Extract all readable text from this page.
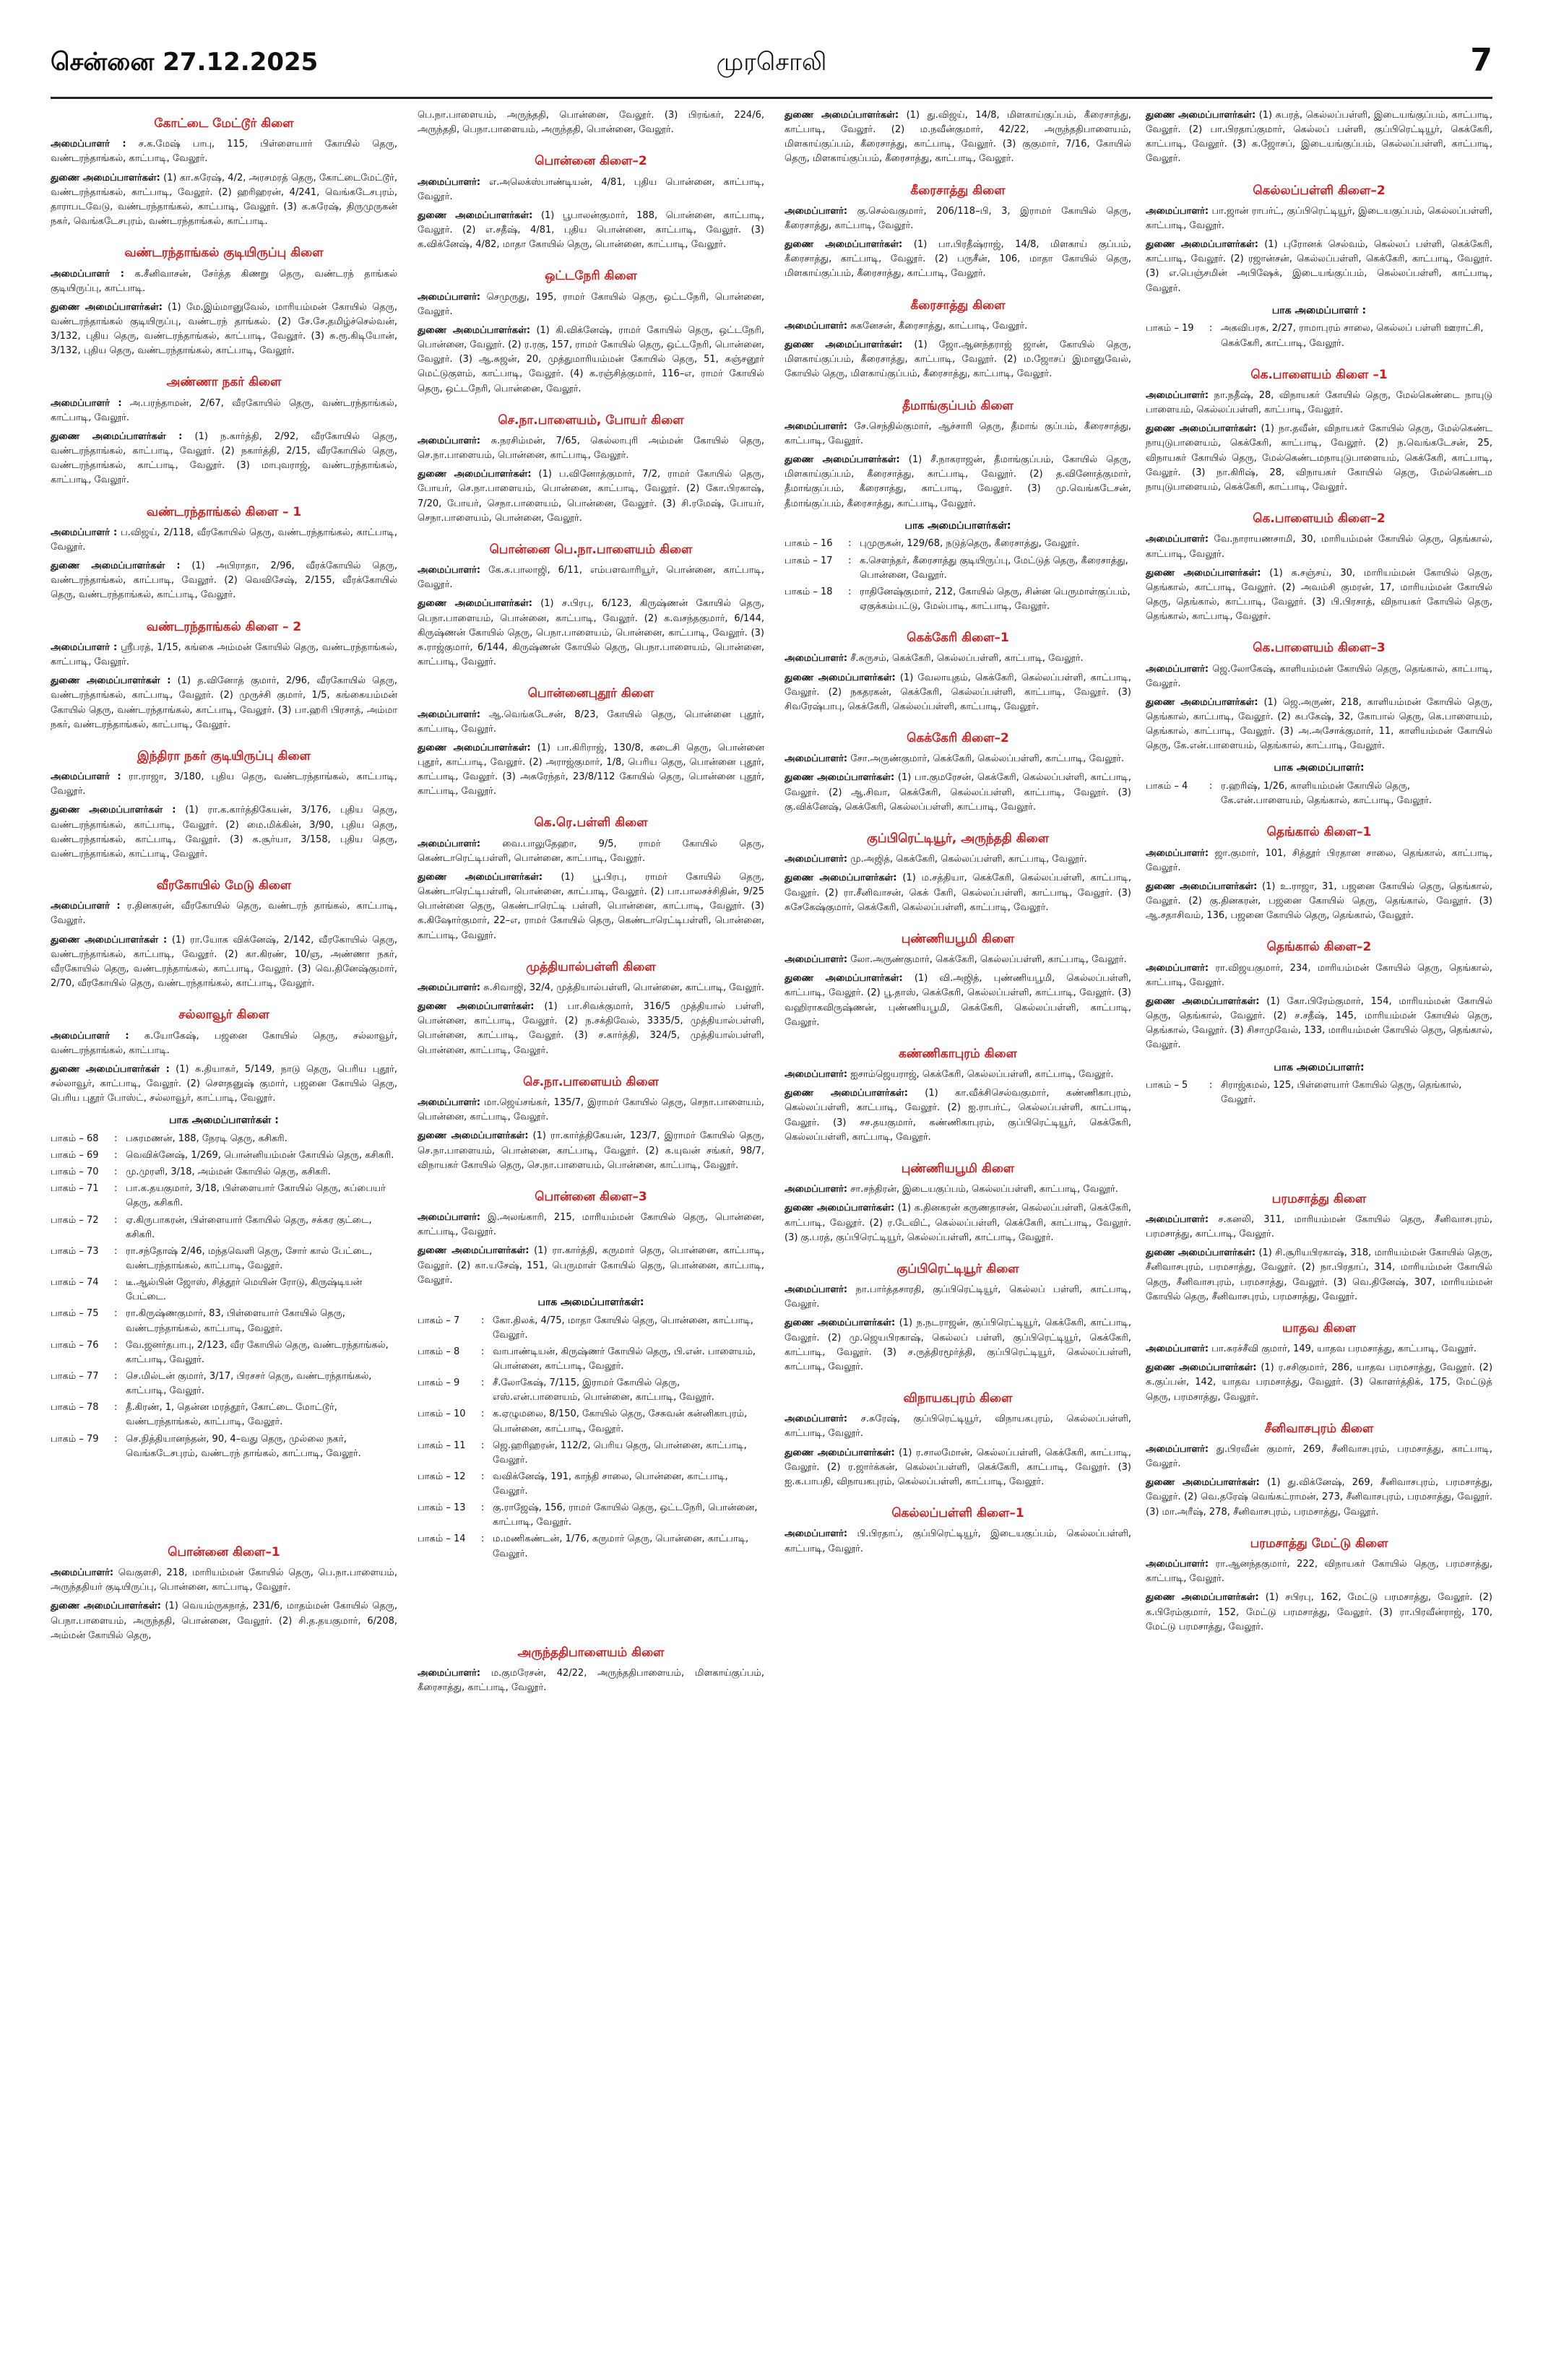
சென்னை 27.12.2025	முரசொலி	7
கோட்டை மேட்டூர் கிளை

அமைப்பாளர் : ச.க.மேஷ் பாபு, 115, பிள்ளையார் கோயில் தெரு, வண்டரந்தாங்கல், காட்பாடி, வேலூர்.

துணை அமைப்பாளர்கள்: (1) கா.சுரேஷ், 4/2, அரசமரத் தெரு, கோட்டைமேட்டூர், வண்டரந்தாங்கல், காட்பாடி, வேலூர். (2) ஹரிஹரன், 4/241, வெங்கடேசபுரம், தாராபடவேடு, வண்டரந்தாங்கல், காட்பாடி, வேலூர். (3) க.சுரேஷ், திருமுருகன் நகர், வெங்கடேசபுரம், வண்டரந்தாங்கல், காட்பாடி.

வண்டரந்தாங்கல் குடியிருப்பு கிளை

அமைப்பாளர் : க.சீனிவாசன், சேர்த்த கிணறு தெரு, வண்டரந் தாங்கல் குடியிருப்பு, காட்பாடி.

துணை அமைப்பாளர்கள்: (1) மே.இம்மானுவேல், மாரியம்மன் கோயில் தெரு, வண்டரந்தாங்கல் குடியிருப்பு, வண்டரந் தாங்கல். (2) சே.சே.தமிழ்ச்செல்வன், 3/132, புதிய தெரு, வண்டரந்தாங்கல், காட்பாடி, வேலூர். (3) சு.ரூ.கிடியோன், 3/132, புதிய தெரு, வண்டரந்தாங்கல், காட்பாடி, வேலூர்.

அண்ணா நகர் கிளை

அமைப்பாளர் : அ.பரந்தாமன், 2/67, வீரகோயில் தெரு, வண்டரந்தாங்கல், காட்பாடி, வேலூர்.

துணை அமைப்பாளர்கள் : (1) ந.கார்த்தி, 2/92, வீரகோயில் தெரு, வண்டரந்தாங்கல், காட்பாடி, வேலூர். (2) நகார்த்தி, 2/15, வீரகோயில் தெரு, வண்டரந்தாங்கல், காட்பாடி, வேலூர். (3) மாபுவராஜ், வண்டரந்தாங்கல், காட்பாடி, வேலூர்.

வண்டரந்தாங்கல் கிளை – 1

அமைப்பாளர் : ப.விஜய், 2/118, வீரகோயில் தெரு, வண்டரந்தாங்கல், காட்பாடி, வேலூர்.

துணை அமைப்பாளர்கள் : (1) அபிராதா, 2/96, வீரக்கோயில் தெரு, வண்டரந்தாங்கல், காட்பாடி, வேலூர். (2) வெவிசேஷ், 2/155, வீரக்கோயில் தெரு, வண்டரந்தாங்கல், காட்பாடி, வேலூர்.

வண்டரந்தாங்கல் கிளை – 2

அமைப்பாளர் : ஸ்ரீபரத், 1/15, கங்கை அம்மன் கோயில் தெரு, வண்டரந்தாங்கல், காட்பாடி, வேலூர்.

துணை அமைப்பாளர்கள் : (1) த.வினோத் குமார், 2/96, வீரகோயில் தெரு, வண்டரந்தாங்கல், காட்பாடி, வேலூர். (2) முருச்சி குமார், 1/5, கங்கையம்மன் கோயில் தெரு, வண்டரந்தாங்கல், காட்பாடி, வேலூர். (3) பா.ஹரி பிரசாத், அம்மா நகர், வண்டரந்தாங்கல், காட்பாடி, வேலூர்.

இந்திரா நகர் குடியிருப்பு கிளை

அமைப்பாளர் : ரா.ராஜா, 3/180, புதிய தெரு, வண்டரந்தாங்கல், காட்பாடி, வேலூர்.

துணை அமைப்பாளர்கள் : (1) ரா.க.கார்த்திகேயன், 3/176, புதிய தெரு, வண்டரந்தாங்கல், காட்பாடி, வேலூர். (2) மை.மிக்கின், 3/90, புதிய தெரு, வண்டரந்தாங்கல், காட்பாடி, வேலூர். (3) க.சூர்யா, 3/158, புதிய தெரு, வண்டரந்தாங்கல், காட்பாடி, வேலூர்.

வீரகோயில் மேடு கிளை

அமைப்பாளர் : ர.தினகரன், வீரகோயில் தெரு, வண்டரந் தாங்கல், காட்பாடி, வேலூர்.

துணை அமைப்பாளர்கள் : (1) ரா.யோக விக்னேஷ், 2/142, வீரகோயில் தெரு, வண்டரந்தாங்கல், காட்பாடி, வேலூர். (2) கா.கிரண், 10/ஞ, அண்ணா நகர், வீரகோயில் தெரு, வண்டரந்தாங்கல், காட்பாடி, வேலூர். (3) வெ.தினேஷ்குமார், 2/70, வீரகோயில் தெரு, வண்டரந்தாங்கல், காட்பாடி, வேலூர்.

சல்லாவூர் கிளை

அமைப்பாளர் : க.யோகேஷ், பஜனை கோயில் தெரு, சல்லாவூர், வண்டரந்தாங்கல், காட்பாடி.

துணை அமைப்பாளர்கள் : (1) சு.தியாகர், 5/149, நாடு தெரு, பெரிய புதூர், சல்லாவூர், காட்பாடி, வேலூர். (2) சௌதனுஷ் குமார், பஜனை கோயில் தெரு, பெரிய புதூர் போஸ்ட், சல்லாவூர், காட்பாடி, வேலூர்.

பாக அமைப்பாளர்கள் :
பாகம் – 68	: பசுரமணன், 188, நேரடி தெரு, கசிகரி.
பாகம் – 69	: வெவிக்னேஷ், 1/269, பொன்னியம்மன் கோயில் தெரு, கசிகரி.
பாகம் – 70	: மு.முரளி, 3/18, அம்மன் கோயில் தெரு, கசிகரி.
பாகம் – 71	: பா.க.தயகுமார், 3/18, பிள்ளையார் கோயில் தெரு, சுப்பையர் தெரு, கசிகரி.
பாகம் – 72	: ஏ.கிருபாகரன், பிள்ளையார் கோயில் தெரு, சக்கர குட்டை, கசிகரி.
பாகம் – 73	: ரா.சந்தோஷ் 2/46, மந்தவெளி தெரு, சோர் கால் பேட்டை, வண்டரந்தாங்கல், காட்பாடி, வேலூர்.
பாகம் – 74	: டீ.ஆல்பின் ஜோஸ், சித்தூர் மெயின் ரோடு, கிருஷ்டியன் பேட்டை.
பாகம் – 75	: ரா.கிருஷ்ணகுமார், 83, பிள்ளையார் கோயில் தெரு, வண்டரந்தாங்கல், காட்பாடி, வேலூர்.
பாகம் – 76	: வே.ஜனர்தபாபு, 2/123, வீர கோயில் தெரு, வண்டரந்தாங்கல், காட்பாடி, வேலூர்.
பாகம் – 77	: செ.மில்டன் குமார், 3/17, பிரசசர் தெரு, வண்டரந்தாங்கல், காட்பாடி, வேலூர்.
பாகம் – 78	: தீ.கிரண், 1, தென்ன மரத்தூர், கோட்டை மோட்டூர், வண்டரந்தாங்கல், காட்பாடி, வேலூர்.
பாகம் – 79	: செ.நித்தியானந்தன், 90, 4–வது தெரு, முல்லை நகர், வெங்கடேசபுரம், வண்டரந் தாங்கல், காட்பாடி, வேலூர்.
பொன்னை கிளை–1

அமைப்பாளர்: வெகுளசி, 218, மாரியம்மன் கோயில் தெரு, பெ.நா.பாளையம், அருந்ததியர் குடியிருப்பு, பொன்னை, காட்பாடி, வேலூர்.

துணை அமைப்பாளர்கள்: (1) வெயம்ருகநாத், 231/6, மாதம்மன் கோயில் தெரு, பெநா.பாளையம், அருந்ததி, பொன்னை, வேலூர். (2) சி.த.தயகுமார், 6/208, அம்மன் கோயில் தெரு,

பெ.நா.பாளையம், அருந்ததி, பொன்னை, வேலூர். (3) பிரங்கர், 224/6, அருந்ததி, பெநா.பாளையம், அருந்ததி, பொன்னை, வேலூர்.

பொன்னை கிளை–2

அமைப்பாளர்: எ.அலெக்ஸ்பாண்டியன், 4/81, புதிய பொன்னை, காட்பாடி, வேலூர்.

துணை அமைப்பாளர்கள்: (1) பூபாலன்குமார், 188, பொன்னை, காட்பாடி, வேலூர். (2) எ.சதீஷ், 4/81, புதிய பொன்னை, காட்பாடி, வேலூர். (3) க.விக்னேஷ், 4/82, மாதா கோயில் தெரு, பொன்னை, காட்பாடி, வேலூர்.

ஒட்டநேரி கிளை

அமைப்பாளர்: செமுருது, 195, ராமர் கோயில் தெரு, ஒட்டநேரி, பொன்னை, வேலூர்.

துணை அமைப்பாளர்கள்: (1) கி.விக்னேஷ், ராமர் கோயில் தெரு, ஒட்டநேரி, பொன்னை, வேலூர். (2) ர.ரகு, 157, ராமர் கோயில் தெரு, ஒட்டநேரி, பொன்னை, வேலூர். (3) ஆ.சுஜன், 20, முத்துமாரியம்மன் கோயில் தெரு, 51, கஞ்சனூர் மெட்டுகுளம், காட்பாடி, வேலூர். (4) க.ரஞ்சித்குமார், 116–எ, ராமர் கோயில் தெரு, ஒட்டநேரி, பொன்னை, வேலூர்.

செ.நா.பாளையம், போயர் கிளை

அமைப்பாளர்: சு.நரசிம்மன், 7/65, கெல்லாபுரி அம்மன் கோயில் தெரு, செ.நா.பாளையம், பொன்னை, காட்பாடி, வேலூர்.

துணை அமைப்பாளர்கள்: (1) ப.வினோத்குமார், 7/2, ராமர் கோயில் தெரு, போயர், செ.நா.பாளையம், பொன்னை, காட்பாடி, வேலூர். (2) கோ.பிரகாஷ், 7/20, போயர், செநா.பாளையம், பொன்னை, வேலூர். (3) சி.ரமேஷ், போயர், செநா.பாளையம், பொன்னை, வேலூர்.

பொன்னை பெ.நா.பாளையம் கிளை

அமைப்பாளர்: கே.க.பாலாஜி, 6/11, எம்பளவாரியூர், பொன்னை, காட்பாடி, வேலூர்.

துணை அமைப்பாளர்கள்: (1) ச.பிரபு, 6/123, கிருஷ்ணன் கோயில் தெரு, பெநா.பாளையம், பொன்னை, காட்பாடி, வேலூர். (2) க.வசந்தகுமார், 6/144, கிருஷ்ணன் கோயில் தெரு, பெநா.பாளையம், பொன்னை, காட்பாடி, வேலூர். (3) சு.ராஜ்குமார், 6/144, கிருஷ்ணன் கோயில் தெரு, பெநா.பாளையம், பொன்னை, காட்பாடி, வேலூர்.

பொன்னைபுதூர் கிளை

அமைப்பாளர்: ஆ.வெங்கடேசன், 8/23, கோயில் தெரு, பொன்னை புதூர், காட்பாடி, வேலூர்.

துணை அமைப்பாளர்கள்: (1) பா.கிரிராஜ், 130/8, கடைசி தெரு, பொன்னை புதூர், காட்பாடி, வேலூர். (2) அராஜ்குமார், 1/8, பெரிய தெரு, பொன்னை புதூர், காட்பாடி, வேலூர். (3) அசுரேந்தர், 23/8/112 கோயில் தெரு, பொன்னை புதூர், காட்பாடி, வேலூர்.

கெ.ரெ.பள்ளி கிளை

அமைப்பாளர்: வை.பாலுதேஹா, 9/5, ராமர் கோயில் தெரு, கெண்டாரெட்டிபள்ளி, பொன்னை, காட்பாடி, வேலூர்.

துணை அமைப்பாளர்கள்: (1) பூ.பிரபு, ராமர் கோயில் தெரு, கெண்டாரெட்டிபள்ளி, பொன்னை, காட்பாடி, வேலூர். (2) பா.பாலசச்சிதின், 9/25 பொன்னை தெரு, கெண்டாரெட்டி பள்ளி, பொன்னை, காட்பாடி, வேலூர். (3) க.கிஷோர்குமார், 22–எ, ராமர் கோயில் தெரு, கெண்டாரெட்டிபள்ளி, பொன்னை, காட்பாடி, வேலூர்.

முத்தியால்பள்ளி கிளை

அமைப்பாளர்: சு.சிவாஜி, 32/4, முத்தியால்பள்ளி, பொன்னை, காட்பாடி, வேலூர்.

துணை அமைப்பாளர்கள்: (1) பா.சிவக்குமார், 316/5 முத்தியால் பள்ளி, பொன்னை, காட்பாடி, வேலூர். (2) ந.சக்திவேல், 3335/5, முத்தியால்பள்ளி, பொன்னை, காட்பாடி, வேலூர். (3) ச.கார்த்தி, 324/5, முத்தியால்பள்ளி, பொன்னை, காட்பாடி, வேலூர்.

செ.நா.பாளையம் கிளை

அமைப்பாளர்: மா.ஜெய்சங்கர், 135/7, இராமர் கோயில் தெரு, செநா.பாளையம், பொன்னை, காட்பாடி, வேலூர்.

துணை அமைப்பாளர்கள்: (1) ரா.கார்த்திகேயன், 123/7, இராமர் கோயில் தெரு, செ.நா.பாளையம், பொன்னை, காட்பாடி, வேலூர். (2) க.யுவன் சங்கர், 98/7, விநாயகர் கோயில் தெரு, செ.நா.பாளையம், பொன்னை, காட்பாடி, வேலூர்.

பொன்னை கிளை–3

அமைப்பாளர்: இ.அலங்காரி, 215, மாரியம்மன் கோயில் தெரு, பொன்னை, காட்பாடி, வேலூர்.

துணை அமைப்பாளர்கள்: (1) ரா.கார்த்தி, கருமார் தெரு, பொன்னை, காட்பாடி, வேலூர். (2) கா.யசேஷ், 151, பெருமாள் கோயில் தெரு, பொன்னை, காட்பாடி, வேலூர்.

பாக அமைப்பாளர்கள்:
பாகம் – 7	: கோ.திலக், 4/75, மாதா கோயில் தெரு, பொன்னை, காட்பாடி, வேலூர்.
பாகம் – 8	: வாபாண்டியன், கிருஷ்ணர் கோயில் தெரு, பி.என். பாளையம், பொன்னை, காட்பாடி, வேலூர்.
பாகம் – 9	: சீ.லோகேஷ், 7/115, இராமர் கோயில் தெரு, எஸ்.என்.பாளையம், பொன்னை, காட்பாடி, வேலூர்.
பாகம் – 10	: க.ஏழுமலை, 8/150, கோயில் தெரு, சேசுவன் கன்னிகாபுரம், பொன்னை, காட்பாடி, வேலூர்.
பாகம் – 11	: ஜெ.ஹரிஹரன், 112/2, பெரிய தெரு, பொன்னை, காட்பாடி, வேலூர்.
பாகம் – 12	: வவிக்னேஷ், 191, காந்தி சாலை, பொன்னை, காட்பாடி, வேலூர்.
பாகம் – 13	: கு.ராஜேஷ், 156, ராமர் கோயில் தெரு, ஒட்டநேரி, பொன்னை, காட்பாடி, வேலூர்.
பாகம் – 14	: ம.மணிகண்டன், 1/76, கருமார் தெரு, பொன்னை, காட்பாடி, வேலூர்.
அருந்ததிபாளையம் கிளை

அமைப்பாளர்: ம.குமரேசன், 42/22, அருந்ததிபாளையம், மிளகாய்குப்பம், கீரைசாத்து, காட்பாடி, வேலூர்.

துணை அமைப்பாளர்கள்: (1) து.விஜய், 14/8, மிளகாய்குப்பம், கீரைசாத்து, காட்பாடி, வேலூர். (2) ம.நவீன்குமார், 42/22, அருந்ததிபாளையம், மிளகாய்குப்பம், கீரைசாத்து, காட்பாடி, வேலூர். (3) குகுமார், 7/16, கோயில் தெரு, மிளகாய்குப்பம், கீரைசாத்து, காட்பாடி, வேலூர்.

கீரைசாத்து கிளை

அமைப்பாளர்: கு.செல்வகுமார், 206/118–பி, 3, இராமர் கோயில் தெரு, கீரைசாத்து, காட்பாடி, வேலூர்.

துணை அமைப்பாளர்கள்: (1) பா.பிரதீஷ்ராஜ், 14/8, மிளகாய் குப்பம், கீரைசாத்து, காட்பாடி, வேலூர். (2) பருசீன், 106, மாதா கோயில் தெரு, மிளகாய்குப்பம், கீரைசாத்து, காட்பாடி, வேலூர்.

கீரைசாத்து கிளை

அமைப்பாளர்: சுகனேசன், கீரைசாத்து, காட்பாடி, வேலூர்.

துணை அமைப்பாளர்கள்: (1) ஜோ.ஆனந்தராஜ் ஜான், கோயில் தெரு, மிளகாய்குப்பம், கீரைசாத்து, காட்பாடி, வேலூர். (2) ம.ஜோசப் இமானுவேல், கோயில் தெரு, மிளகாய்குப்பம், கீரைசாத்து, காட்பாடி, வேலூர்.

தீமாங்குப்பம் கிளை

அமைப்பாளர்: சே.செந்தில்குமார், ஆச்சாரி தெரு, தீமாங் குப்பம், கீரைசாத்து, காட்பாடி, வேலூர்.

துணை அமைப்பாளர்கள்: (1) சீ.நாகராஜன், தீமாங்குப்பம், கோயில் தெரு, மிளகாய்குப்பம், கீரைசாத்து, காட்பாடி, வேலூர். (2) த.வினோத்குமார், தீமாங்குப்பம், கீரைசாத்து, காட்பாடி, வேலூர். (3) மு.வெங்கடேசன், தீமாங்குப்பம், கீரைசாத்து, காட்பாடி, வேலூர்.

பாக அமைப்பாளர்கள்:
பாகம் – 16	: புமுருகன், 129/68, நடுத்தெரு, கீரைசாத்து, வேலூர்.
பாகம் – 17	: க.சௌந்தர், கீரைசாத்து குடியிருப்பு, மேட்டுத் தெரு, கீரைசாத்து, பொன்னை, வேலூர்.
பாகம் – 18	: ராதினேஷ்குமார், 212, கோயில் தெரு, சின்ன பெருமாள்குப்பம், ஏகுக்கம்பட்டு, மேல்பாடி, காட்பாடி, வேலூர்.
கெக்கேரி கிளை–1

அமைப்பாளர்: சீ.சுருசம், கெக்கேரி, கெல்லப்பள்ளி, காட்பாடி, வேலூர்.

துணை அமைப்பாளர்கள்: (1) வேலாயுதம், கெக்கேரி, கெல்லப்பள்ளி, காட்பாடி, வேலூர். (2) நகதரகன், கெக்கேரி, கெல்லப்பள்ளி, காட்பாடி, வேலூர். (3) சிவரேஷ்பாபு, கெக்கேரி, கெல்லப்பள்ளி, காட்பாடி, வேலூர்.

கெக்கேரி கிளை–2

அமைப்பாளர்: சோ.அருண்குமார், கெக்கேரி, கெல்லப்பள்ளி, காட்பாடி, வேலூர்.

துணை அமைப்பாளர்கள்: (1) பா.குமரேசன், கெக்கேரி, கெல்லப்பள்ளி, காட்பாடி, வேலூர். (2) ஆ.சிவா, கெக்கேரி, கெல்லப்பள்ளி, காட்பாடி, வேலூர். (3) கு.விக்னேஷ், கெக்கேரி, கெல்லப்பள்ளி, காட்பாடி, வேலூர்.

குப்பிரெட்டியூர், அருந்ததி கிளை

அமைப்பாளர்: மு.அஜித், கெக்கேரி, கெல்லப்பள்ளி, காட்பாடி, வேலூர்.

துணை அமைப்பாளர்கள்: (1) ம.சத்தியா, கெக்கேரி, கெல்லப்பள்ளி, காட்பாடி, வேலூர். (2) ரா.சீனிவாசன், கெக் கேரி, கெல்லப்பள்ளி, காட்பாடி, வேலூர். (3) சுசேகேஷ்குமார், கெக்கேரி, கெல்லப்பள்ளி, காட்பாடி, வேலூர்.

புண்ணியபூமி கிளை

அமைப்பாளர்: லோ.அருண்குமார், கெக்கேரி, கெல்லப்பள்ளி, காட்பாடி, வேலூர்.

துணை அமைப்பாளர்கள்: (1) வி.அஜித், புண்ணியபூமி, கெல்லப்பள்ளி, காட்பாடி, வேலூர். (2) பூ.தாஸ், கெக்கேரி, கெல்லப்பள்ளி, காட்பாடி, வேலூர். (3) வஹிராகவிருஷ்ணன், புண்ணியபூமி, கெக்கேரி, கெல்லப்பள்ளி, காட்பாடி, வேலூர்.

கண்ணிகாபுரம் கிளை

அமைப்பாளர்: ஐசாம்ஜெயராஜ், கெக்கேரி, கெல்லப்பள்ளி, காட்பாடி, வேலூர்.

துணை அமைப்பாளர்கள்: (1) கா.வீக்சிசெல்வகுமார், கண்ணிகாபுரம், கெல்லப்பள்ளி, காட்பாடி, வேலூர். (2) ஐ.ராபர்ட், கெல்லப்பள்ளி, காட்பாடி, வேலூர். (3) சச.தயகுமார், கண்ணிகாபுரம், குப்பிரெட்டியூர், கெக்கேரி, கெல்லப்பள்ளி, காட்பாடி, வேலூர்.

புண்ணியபூமி கிளை

அமைப்பாளர்: சா.சந்திரன், இடையகுப்பம், கெல்லப்பள்ளி, காட்பாடி, வேலூர்.

துணை அமைப்பாளர்கள்: (1) க.தினகரன் கருணதாசன், கெல்லப்பள்ளி, கெக்கேரி, காட்பாடி, வேலூர். (2) ர.டேவிட், கெல்லப்பள்ளி, கெக்கேரி, காட்பாடி, வேலூர். (3) கு.பரத், குப்பிரெட்டியூர், கெல்லப்பள்ளி, காட்பாடி, வேலூர்.

குப்பிரெட்டியூர் கிளை

அமைப்பாளர்: நா.பார்த்தசாரதி, குப்பிரெட்டியூர், கெல்லப் பள்ளி, காட்பாடி, வேலூர்.

துணை அமைப்பாளர்கள்: (1) ந.நடராஜன், குப்பிரெட்டியூர், கெக்கேரி, காட்பாடி, வேலூர். (2) மு.ஜெயபிரகாஷ், கெல்லப் பள்ளி, குப்பிரெட்டியூர், கெக்கேரி, காட்பாடி, வேலூர். (3) ச.ருத்திரமூர்த்தி, குப்பிரெட்டியூர், கெல்லப்பள்ளி, காட்பாடி, வேலூர்.

விநாயகபுரம் கிளை

அமைப்பாளர்: ச.சுரேஷ், குப்பிரெட்டியூர், விநாயகபுரம், கெல்லப்பள்ளி, காட்பாடி, வேலூர்.

துணை அமைப்பாளர்கள்: (1) ர.சாலமோன், கெல்லப்பள்ளி, கெக்கேரி, காட்பாடி, வேலூர். (2) ர.ஜார்க்கன், கெல்லப்பள்ளி, கெக்கேரி, காட்பாடி, வேலூர். (3) ஐ.க.பாபதி, விநாயகபுரம், கெல்லப்பள்ளி, காட்பாடி, வேலூர்.

கெல்லப்பள்ளி கிளை–1

அமைப்பாளர்: பி.பிரதாப், குப்பிரெட்டியூர், இடையகுப்பம், கெல்லப்பள்ளி, காட்பாடி, வேலூர்.

துணை அமைப்பாளர்கள்: (1) சுபரத், கெல்லப்பள்ளி, இடையங்குப்பம், காட்பாடி, வேலூர். (2) பா.பிரதாப்குமார், கெல்லப் பள்ளி, குப்பிரெட்டியூர், கெக்கேரி, காட்பாடி, வேலூர். (3) க.ஜோசப், இடையங்குப்பம், கெல்லப்பள்ளி, காட்பாடி, வேலூர்.

கெல்லப்பள்ளி கிளை–2

அமைப்பாளர்: பா.ஜான் ராபர்ட், குப்பிரெட்டியூர், இடையகுப்பம், கெல்லப்பள்ளி, காட்பாடி, வேலூர்.

துணை அமைப்பாளர்கள்: (1) புரோனக் செல்வம், கெல்லப் பள்ளி, கெக்கேரி, காட்பாடி, வேலூர். (2) ரஜான்சன், கெல்லப்பள்ளி, கெக்கேரி, காட்பாடி, வேலூர். (3) எ.பெஞ்சமின் அபிஷேக், இடையங்குப்பம், கெல்லப்பள்ளி, காட்பாடி, வேலூர்.

பாக அமைப்பாளர் :
பாகம் – 19	: அகவிபரசு, 2/27, ராமாபுரம் சாலை, கெல்லப் பள்ளி ஊராட்சி, கெக்கேரி, காட்பாடி, வேலூர்.
கெ.பாளையம் கிளை –1

அமைப்பாளர்: நா.நதீஷ், 28, விநாயகர் கோயில் தெரு, மேல்கெண்டை நாயுடு பாளையம், கெல்லப்பள்ளி, காட்பாடி, வேலூர்.

துணை அமைப்பாளர்கள்: (1) நா.தவீன், விநாயகர் கோயில் தெரு, மேல்கெண்ட நாயுடுபாளையம், கெக்கேரி, காட்பாடி, வேலூர். (2) ந.வெங்கடேசன், 25, விநாயகர் கோயில் தெரு, மேல்கெண்டமநாயுடுபாளையம், கெக்கேரி, காட்பாடி, வேலூர். (3) நா.கிரிஷ், 28, விநாயகர் கோயில் தெரு, மேல்கெண்டம நாயுடுபாளையம், கெக்கேரி, காட்பாடி, வேலூர்.

கெ.பாளையம் கிளை–2

அமைப்பாளர்: வே.நாராயணசாமி, 30, மாரியம்மன் கோயில் தெரு, தெங்கால், காட்பாடி, வேலூர்.

துணை அமைப்பாளர்கள்: (1) க.சஞ்சய், 30, மாரியம்மன் கோயில் தெரு, தெங்கால், காட்பாடி, வேலூர். (2) அவம்சி குமரன், 17, மாரியம்மன் கோயில் தெரு, தெங்கால், காட்பாடி, வேலூர். (3) பி.பிரசாத், விநாயகர் கோயில் தெரு, தெங்கால், காட்பாடி, வேலூர்.

கெ.பாளையம் கிளை–3

அமைப்பாளர்: ஜெ.லோகேஷ், காளியம்மன் கோயில் தெரு, தெங்கால், காட்பாடி, வேலூர்.

துணை அமைப்பாளர்கள்: (1) ஜெ.அருண், 218, காளியம்மன் கோயில் தெரு, தெங்கால், காட்பாடி, வேலூர். (2) சுபகேஷ், 32, கோபால் தெரு, கெ.பாளையம், தெங்கால், காட்பாடி, வேலூர். (3) அ.அசோக்குமார், 11, காளியம்மன் கோயில் தெரு, கே.என்.பாளையம், தெங்கால், காட்பாடி, வேலூர்.

பாக அமைப்பாளர்:
பாகம் – 4	: ர.ஹரிஷ், 1/26, காளியம்மன் கோயில் தெரு, கே.என்.பாளையம், தெங்கால், காட்பாடி, வேலூர்.
தெங்கால் கிளை–1

அமைப்பாளர்: ஜா.குமார், 101, சித்தூர் பிரதான சாலை, தெங்கால், காட்பாடி, வேலூர்.

துணை அமைப்பாளர்கள்: (1) உ.ராஜா, 31, பஜனை கோயில் தெரு, தெங்கால், வேலூர். (2) கு.தினகரன், பஜனை கோயில் தெரு, தெங்கால், வேலூர். (3) ஆ.சதாசிவம், 136, பஜனை கோயில் தெரு, தெங்கால், வேலூர்.

தெங்கால் கிளை–2

அமைப்பாளர்: ரா.விஜயகுமார், 234, மாரியம்மன் கோயில் தெரு, தெங்கால், காட்பாடி, வேலூர்.

துணை அமைப்பாளர்கள்: (1) கோ.பிரேம்குமார், 154, மாரியம்மன் கோயில் தெரு, தெங்கால், வேலூர். (2) ச.சதீஷ், 145, மாரியம்மன் கோயில் தெரு, தெங்கால், வேலூர். (3) சிசாமுவேல், 133, மாரியம்மன் கோயில் தெரு, தெங்கால், வேலூர்.

பாக அமைப்பாளர்:
பாகம் – 5	: சிராஜ்கமல், 125, பிள்ளையார் கோயில் தெரு, தெங்கால், வேலூர்.
பரமசாத்து கிளை

அமைப்பாளர்: ச.கனலி, 311, மாரியம்மன் கோயில் தெரு, சீனிவாசபுரம், பரமசாத்து, காட்பாடி, வேலூர்.

துணை அமைப்பாளர்கள்: (1) சி.சூரியபிரகாஷ், 318, மாரியம்மன் கோயில் தெரு, சீனிவாசபுரம், பரமசாத்து, வேலூர். (2) நா.பிரதாப், 314, மாரியம்மன் கோயில் தெரு, சீனிவாசபுரம், பரமசாத்து, வேலூர். (3) வெ.தினேஷ், 307, மாரியம்மன் கோயில் தெரு, சீனிவாசபுரம், பரமசாத்து, வேலூர்.

யாதவ கிளை

அமைப்பாளர்: பா.சுரச்சீவி குமார், 149, யாதவ பரமசாத்து, காட்பாடி, வேலூர்.

துணை அமைப்பாளர்கள்: (1) ர.சசிகுமார், 286, யாதவ பரமசாத்து, வேலூர். (2) க.குப்பன், 142, யாதவ பரமசாத்து, வேலூர். (3) கொளர்த்திக், 175, மேட்டுத் தெரு, பரமசாத்து, வேலூர்.

சீனிவாசபுரம் கிளை

அமைப்பாளர்: து.பிரவீன் குமார், 269, சீனிவாசபுரம், பரமசாத்து, காட்பாடி, வேலூர்.

துணை அமைப்பாளர்கள்: (1) து.விக்னேஷ், 269, சீனிவாசபுரம், பரமசாத்து, வேலூர். (2) வெ.தரேஷ் வெங்கட்ராமன், 273, சீனிவாசபுரம், பரமசாத்து, வேலூர். (3) மா.அரீஷ், 278, சீனிவாசபுரம், பரமசாத்து, வேலூர்.

பரமசாத்து மேட்டு கிளை

அமைப்பாளர்: ரா.ஆனந்தகுமார், 222, விநாயகர் கோயில் தெரு, பரமசாத்து, காட்பாடி, வேலூர்.

துணை அமைப்பாளர்கள்: (1) சபிரபு, 162, மேட்டு பரமசாத்து, வேலூர். (2) க.பிரேம்குமார், 152, மேட்டு பரமசாத்து, வேலூர். (3) ரா.பிரவீன்ராஜ், 170, மேட்டு பரமசாத்து, வேலூர்.
